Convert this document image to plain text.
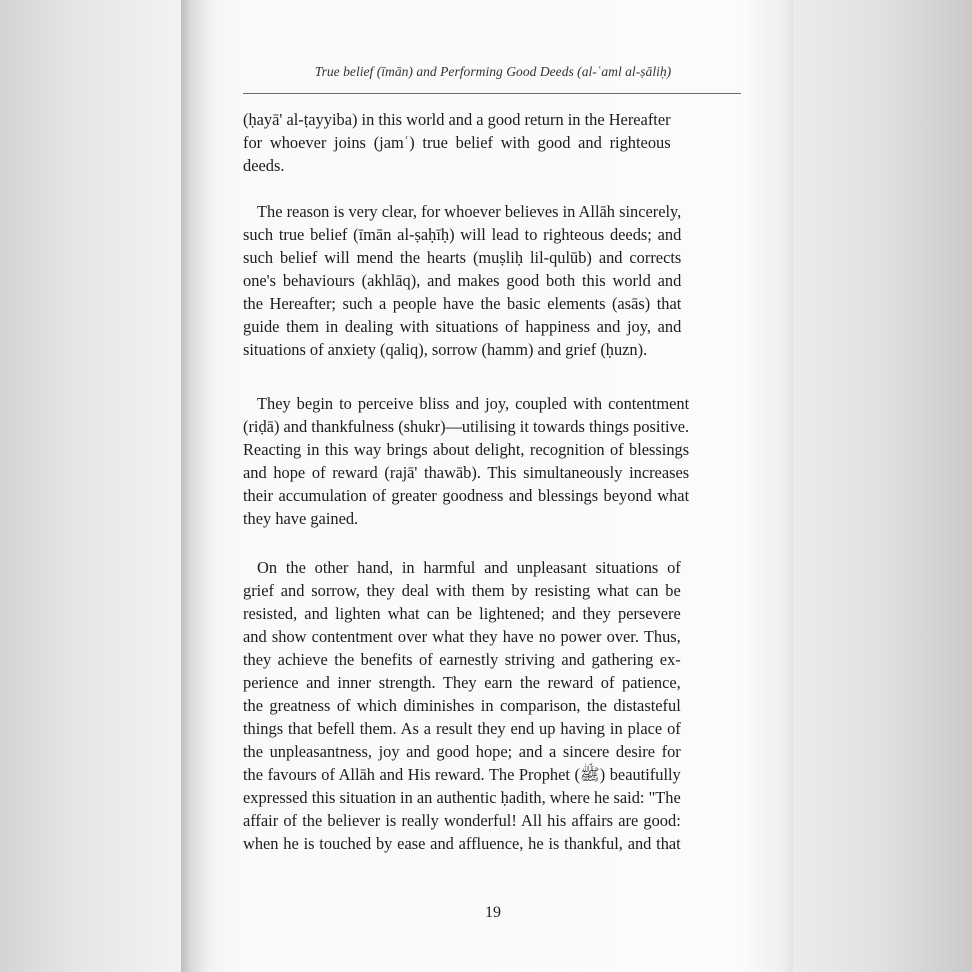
True belief (īmān) and Performing Good Deeds (al-ʿaml al-ṣāliḥ)

(ḥayā' al-ṭayyiba) in this world and a good return in the Hereafter
for whoever joins (jamʿ) true belief with good and righteous
deeds.

The reason is very clear, for whoever believes in Allāh sincerely,
such true belief (īmān al-ṣaḥīḥ) will lead to righteous deeds; and
such belief will mend the hearts (muṣliḥ lil-qulūb) and corrects
one's behaviours (akhlāq), and makes good both this world and
the Hereafter; such a people have the basic elements (asās) that
guide them in dealing with situations of happiness and joy, and
situations of anxiety (qaliq), sorrow (hamm) and grief (ḥuzn).

They begin to perceive bliss and joy, coupled with contentment
(riḍā) and thankfulness (shukr)—utilising it towards things positive.
Reacting in this way brings about delight, recognition of blessings
and hope of reward (rajā' thawāb). This simultaneously increases
their accumulation of greater goodness and blessings beyond what
they have gained.

On the other hand, in harmful and unpleasant situations of
grief and sorrow, they deal with them by resisting what can be
resisted, and lighten what can be lightened; and they persevere
and show contentment over what they have no power over. Thus,
they achieve the benefits of earnestly striving and gathering ex-
perience and inner strength. They earn the reward of patience,
the greatness of which diminishes in comparison, the distasteful
things that befell them. As a result they end up having in place of
the unpleasantness, joy and good hope; and a sincere desire for
the favours of Allāh and His reward. The Prophet (ﷺ) beautifully
expressed this situation in an authentic ḥadith, where he said: "The
affair of the believer is really wonderful! All his affairs are good:
when he is touched by ease and affluence, he is thankful, and that

19
